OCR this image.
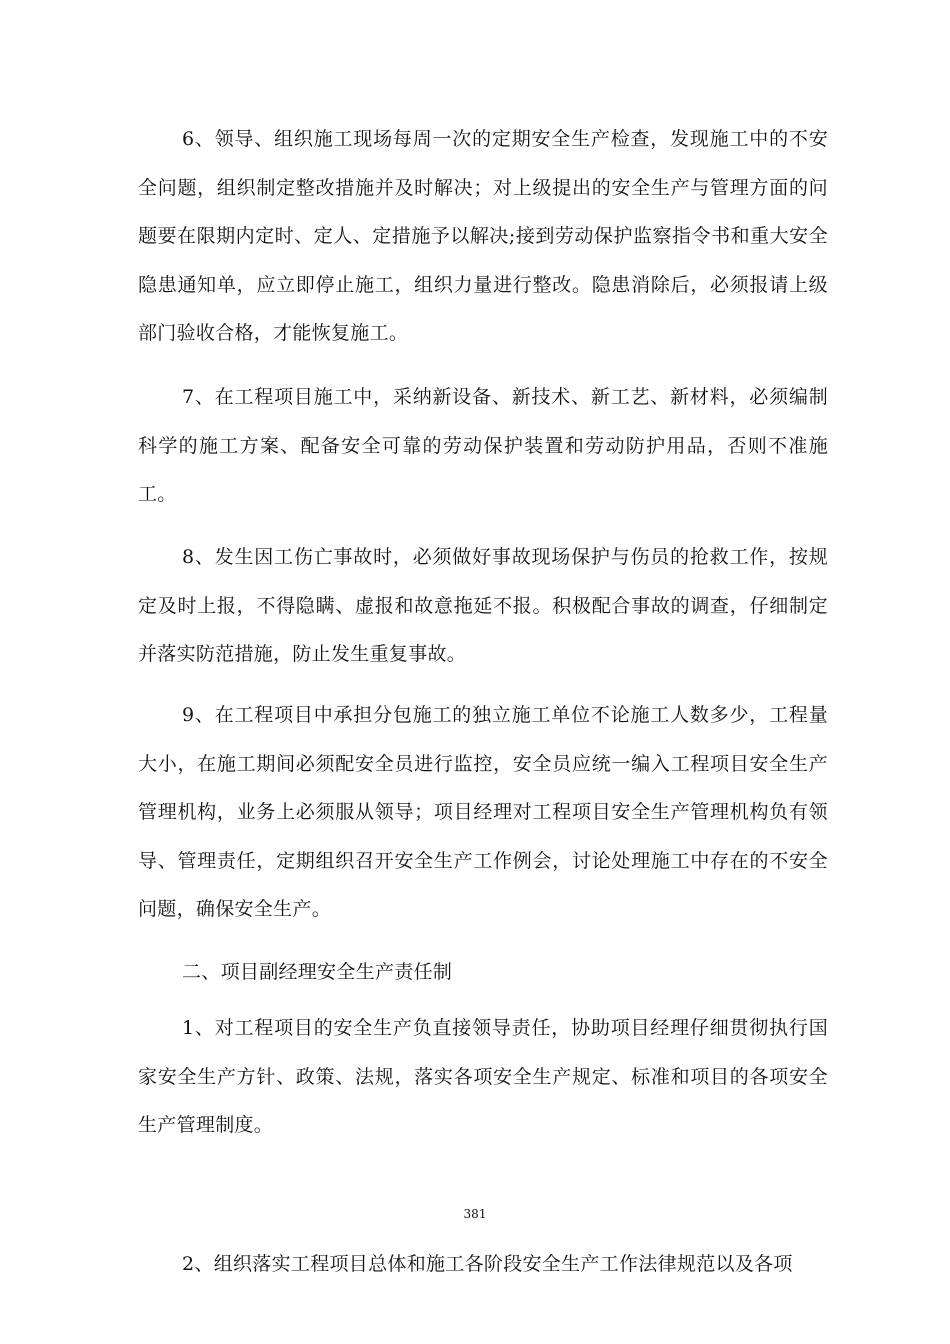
6、领导、组织施工现场每周一次的定期安全生产检查，发现施工中的不安全问题，组织制定整改措施并及时解决；对上级提出的安全生产与管理方面的问题要在限期内定时、定人、定措施予以解决;接到劳动保护监察指令书和重大安全隐患通知单，应立即停止施工，组织力量进行整改。隐患消除后，必须报请上级部门验收合格，才能恢复施工。

7、在工程项目施工中，采纳新设备、新技术、新工艺、新材料，必须编制科学的施工方案、配备安全可靠的劳动保护装置和劳动防护用品，否则不准施工。

8、发生因工伤亡事故时，必须做好事故现场保护与伤员的抢救工作，按规定及时上报，不得隐瞒、虚报和故意拖延不报。积极配合事故的调查，仔细制定并落实防范措施，防止发生重复事故。

9、在工程项目中承担分包施工的独立施工单位不论施工人数多少，工程量大小，在施工期间必须配安全员进行监控，安全员应统一编入工程项目安全生产管理机构，业务上必须服从领导；项目经理对工程项目安全生产管理机构负有领导、管理责任，定期组织召开安全生产工作例会，讨论处理施工中存在的不安全问题，确保安全生产。

二、项目副经理安全生产责任制

1、对工程项目的安全生产负直接领导责任，协助项目经理仔细贯彻执行国家安全生产方针、政策、法规，落实各项安全生产规定、标准和项目的各项安全生产管理制度。

381

2、组织落实工程项目总体和施工各阶段安全生产工作法律规范以及各项
